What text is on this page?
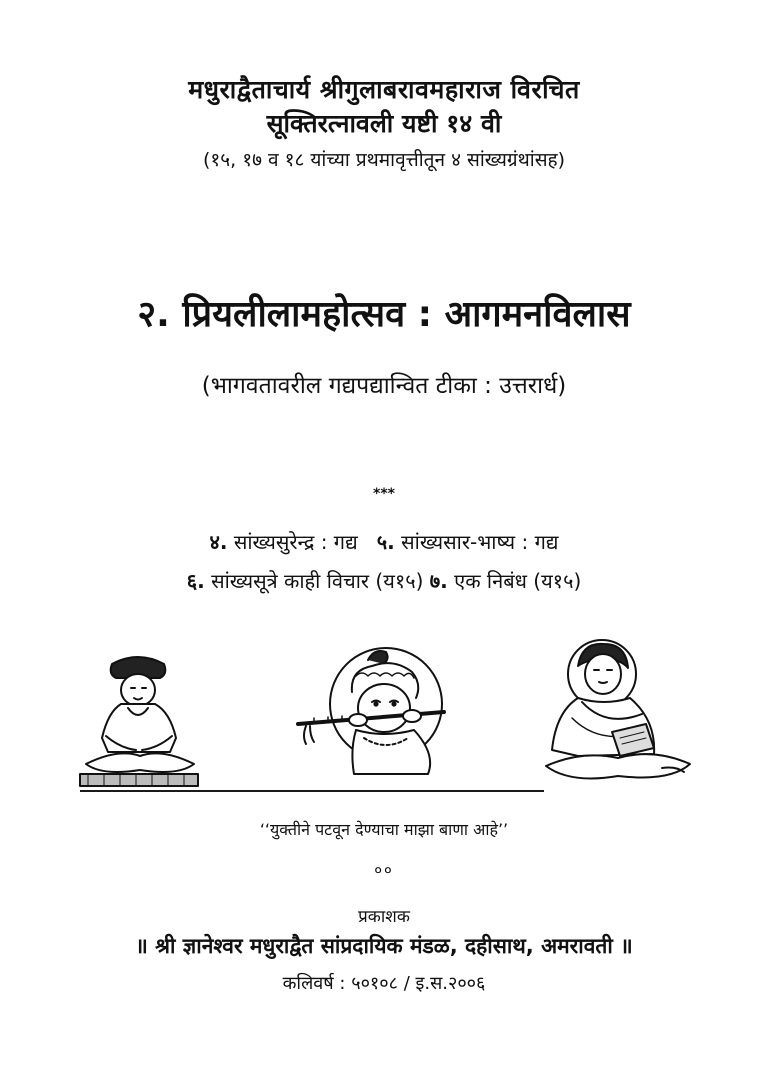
मधुराद्वैताचार्य श्रीगुलाबरावमहाराज विरचित
सूक्तिरत्नावली यष्टी १४ वी
(१५, १७ व १८ यांच्या प्रथमावृत्तीतून ४ सांख्यग्रंथांसह)
२. प्रियलीलामहोत्सव : आगमनविलास
(भागवतावरील गद्यपद्यान्वित टीका : उत्तरार्ध)
***
४. सांख्यसुरेन्द्र : गद्य ५. सांख्यसार-भाष्य : गद्य
६. सांख्यसूत्रे काही विचार (य१५) ७. एक निबंध (य१५)
‘‘युक्तीने पटवून देण्याचा माझा बाणा आहे’’
००
प्रकाशक
॥ श्री ज्ञानेश्वर मधुराद्वैत सांप्रदायिक मंडळ, दहीसाथ, अमरावती ॥
कलिवर्ष : ५०१०८ / इ.स.२००६
